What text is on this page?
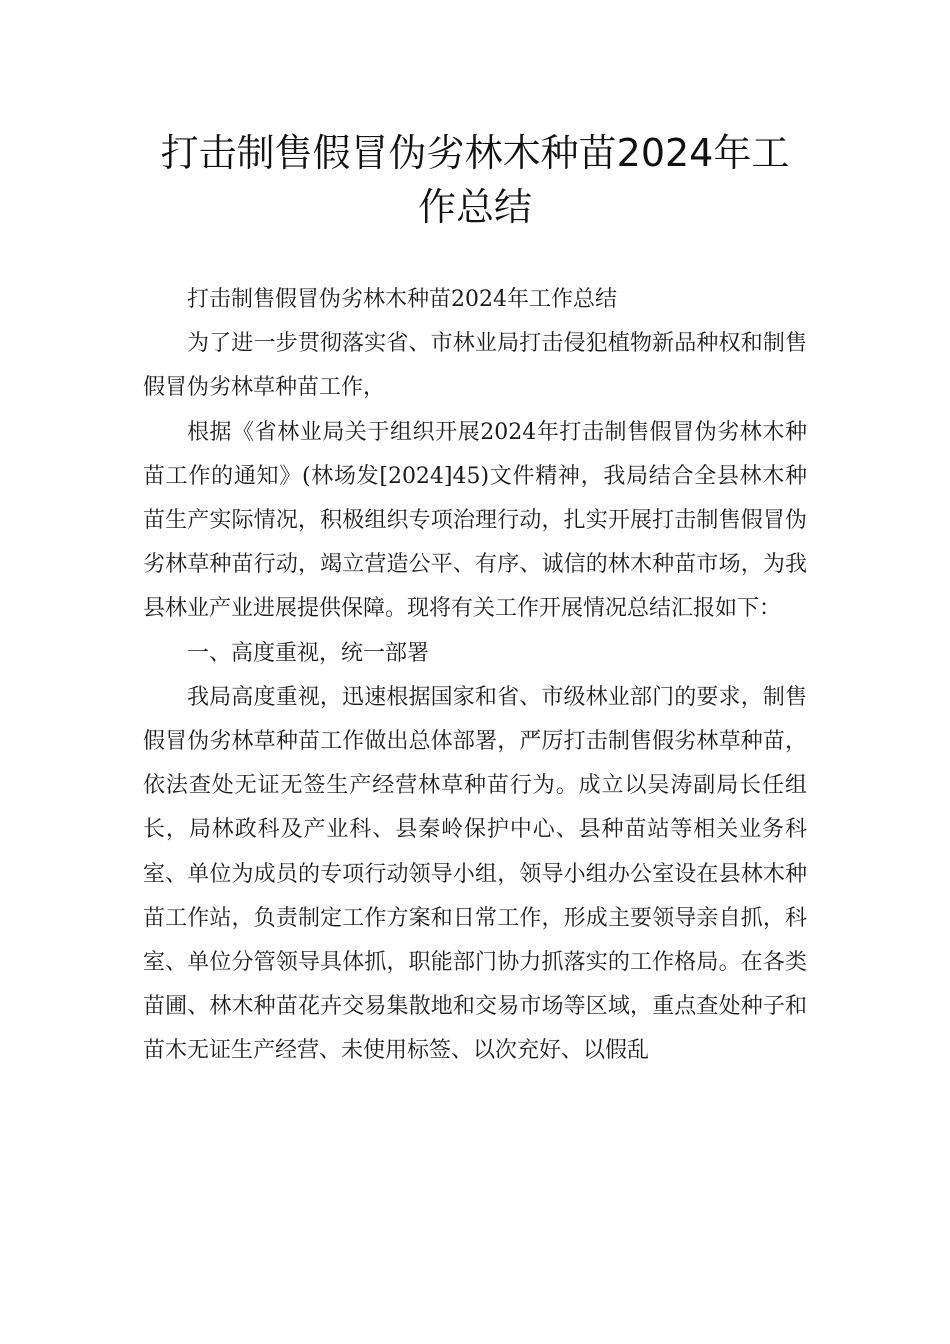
打击制售假冒伪劣林木种苗2024年工
作总结

打击制售假冒伪劣林木种苗2024年工作总结

为了进一步贯彻落实省、市林业局打击侵犯植物新品种权和制售假冒伪劣林草种苗工作，

根据《省林业局关于组织开展2024年打击制售假冒伪劣林木种苗工作的通知》(林场发[2024]45)文件精神，我局结合全县林木种苗生产实际情况，积极组织专项治理行动，扎实开展打击制售假冒伪劣林草种苗行动，竭立营造公平、有序、诚信的林木种苗市场，为我县林业产业进展提供保障。现将有关工作开展情况总结汇报如下：

一、高度重视，统一部署

我局高度重视，迅速根据国家和省、市级林业部门的要求，制售假冒伪劣林草种苗工作做出总体部署，严厉打击制售假劣林草种苗，依法查处无证无签生产经营林草种苗行为。成立以吴涛副局长任组长，局林政科及产业科、县秦岭保护中心、县种苗站等相关业务科室、单位为成员的专项行动领导小组，领导小组办公室设在县林木种苗工作站，负责制定工作方案和日常工作，形成主要领导亲自抓，科室、单位分管领导具体抓，职能部门协力抓落实的工作格局。在各类苗圃、林木种苗花卉交易集散地和交易市场等区域，重点查处种子和苗木无证生产经营、未使用标签、以次充好、以假乱
